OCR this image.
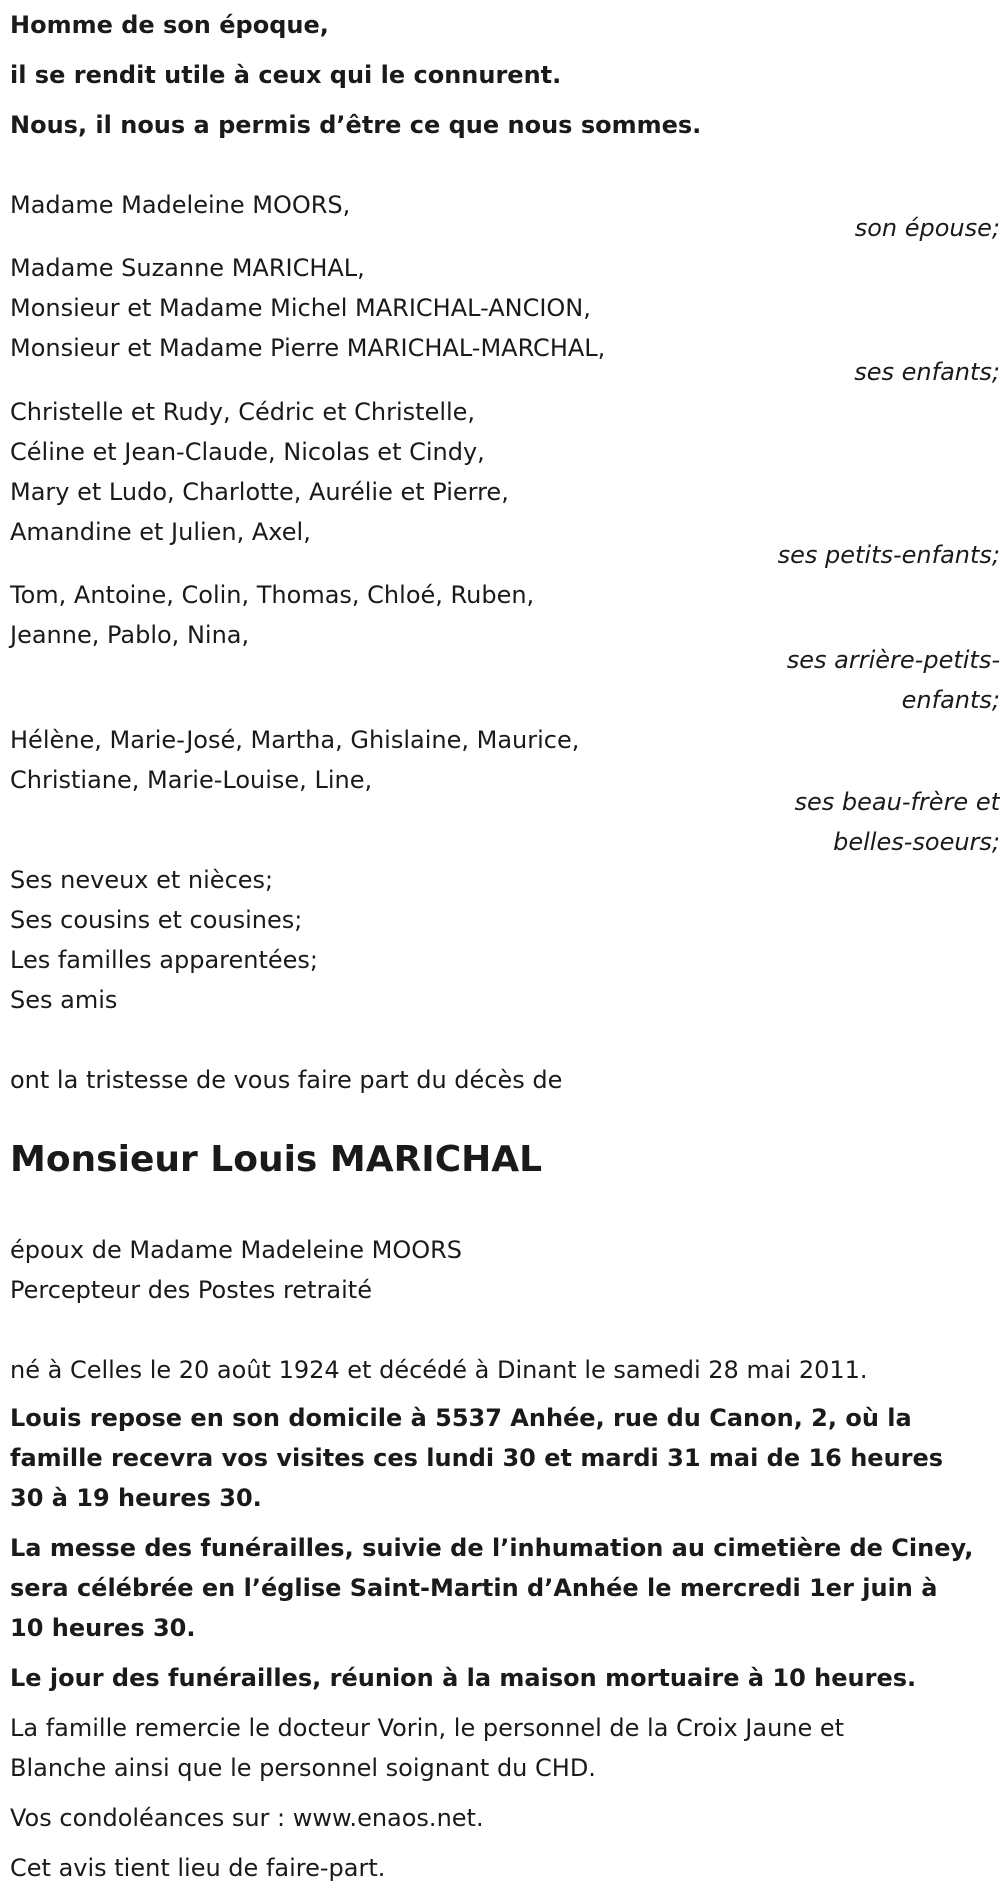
Homme de son époque,
il se rendit utile à ceux qui le connurent.
Nous, il nous a permis d’être ce que nous sommes.
Madame Madeleine MOORS,
son épouse;
Madame Suzanne MARICHAL,
Monsieur et Madame Michel MARICHAL-ANCION,
Monsieur et Madame Pierre MARICHAL-MARCHAL,
ses enfants;
Christelle et Rudy, Cédric et Christelle,
Céline et Jean-Claude, Nicolas et Cindy,
Mary et Ludo, Charlotte, Aurélie et Pierre,
Amandine et Julien, Axel,
ses petits-enfants;
Tom, Antoine, Colin, Thomas, Chloé, Ruben,
Jeanne, Pablo, Nina,
ses arrière-petits-
enfants;
Hélène, Marie-José, Martha, Ghislaine, Maurice,
Christiane, Marie-Louise, Line,
ses beau-frère et
belles-soeurs;
Ses neveux et nièces;
Ses cousins et cousines;
Les familles apparentées;
Ses amis
ont la tristesse de vous faire part du décès de
Monsieur Louis MARICHAL
époux de Madame Madeleine MOORS
Percepteur des Postes retraité
né à Celles le 20 août 1924 et décédé à Dinant le samedi 28 mai 2011.
Louis repose en son domicile à 5537 Anhée, rue du Canon, 2, où la
famille recevra vos visites ces lundi 30 et mardi 31 mai de 16 heures
30 à 19 heures 30.
La messe des funérailles, suivie de l’inhumation au cimetière de Ciney,
sera célébrée en l’église Saint-Martin d’Anhée le mercredi 1er juin à
10 heures 30.
Le jour des funérailles, réunion à la maison mortuaire à 10 heures.
La famille remercie le docteur Vorin, le personnel de la Croix Jaune et
Blanche ainsi que le personnel soignant du CHD.
Vos condoléances sur : www.enaos.net.
Cet avis tient lieu de faire-part.
